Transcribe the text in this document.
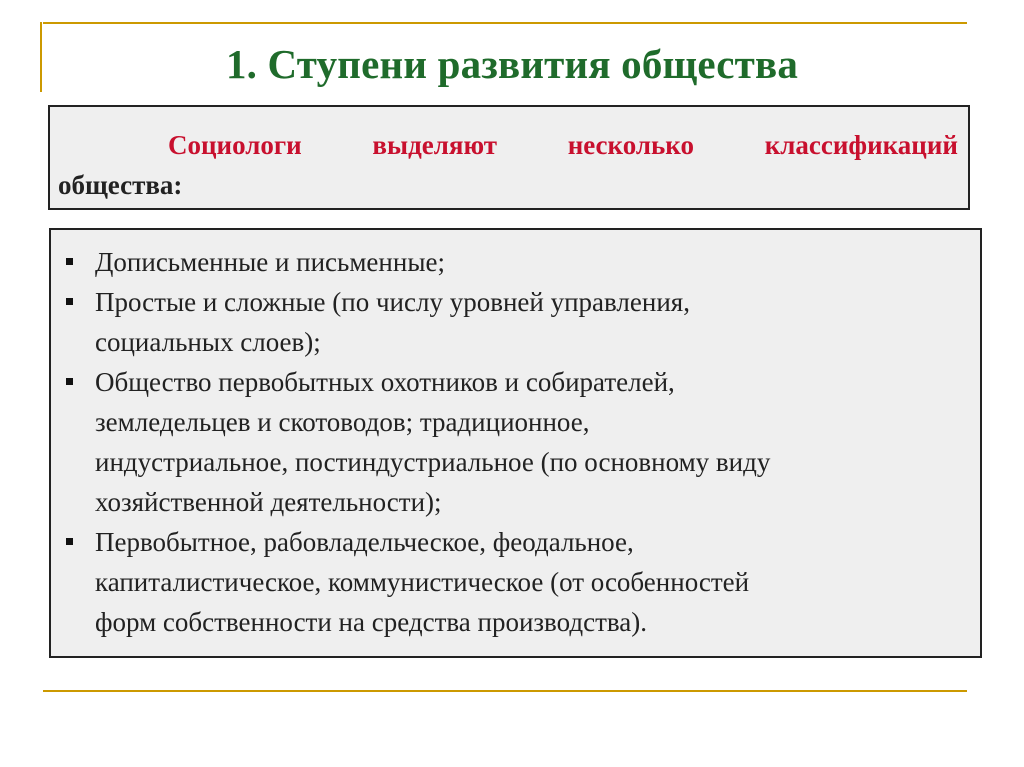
1. Ступени развития общества
Социологи	выделяют	несколько	классификаций
общества:
Дописьменные и письменные;
Простые и сложные (по числу уровней управления,
социальных слоев);
Общество первобытных охотников и собирателей,
земледельцев и скотоводов; традиционное,
индустриальное, постиндустриальное (по основному виду
хозяйственной деятельности);
Первобытное, рабовладельческое, феодальное,
капиталистическое, коммунистическое (от особенностей
форм собственности на средства производства).
